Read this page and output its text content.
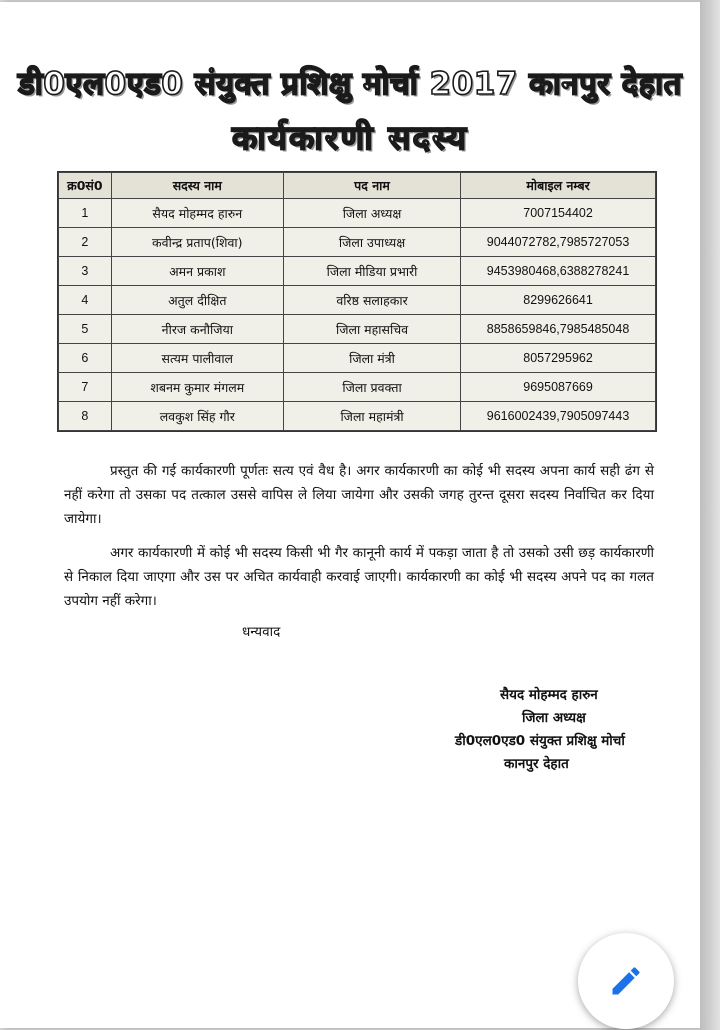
डी0एल0एड0 संयुक्त प्रशिक्षु मोर्चा 2017 कानपुर देहात
कार्यकारणी सदस्य
क्र0सं0	सदस्य नाम	पद नाम	मोबाइल नम्बर
1	सैयद मोहम्मद हारुन	जिला अध्यक्ष	7007154402
2	कवीन्द्र प्रताप(शिवा)	जिला उपाध्यक्ष	9044072782,7985727053
3	अमन प्रकाश	जिला मीडिया प्रभारी	9453980468,6388278241
4	अतुल दीक्षित	वरिष्ठ सलाहकार	8299626641
5	नीरज कनौजिया	जिला महासचिव	8858659846,7985485048
6	सत्यम पालीवाल	जिला मंत्री	8057295962
7	शबनम कुमार मंगलम	जिला प्रवक्ता	9695087669
8	लवकुश सिंह गौर	जिला महामंत्री	9616002439,7905097443
प्रस्तुत की गई कार्यकारणी पूर्णतः सत्य एवं वैध है। अगर कार्यकारणी का कोई भी सदस्य अपना कार्य सही ढंग से नहीं करेगा तो उसका पद तत्काल उससे वापिस ले लिया जायेगा और उसकी जगह तुरन्त दूसरा सदस्य निर्वाचित कर दिया जायेगा।
अगर कार्यकारणी में कोई भी सदस्य किसी भी गैर कानूनी कार्य में पकड़ा जाता है तो उसको उसी छड़ कार्यकारणी से निकाल दिया जाएगा और उस पर अचित कार्यवाही करवाई जाएगी। कार्यकारणी का कोई भी सदस्य अपने पद का गलत उपयोग नहीं करेगा।
धन्यवाद
सैयद मोहम्मद हारुन
जिला अध्यक्ष
डी0एल0एड0 संयुक्त प्रशिक्षु मोर्चा
कानपुर देहात
